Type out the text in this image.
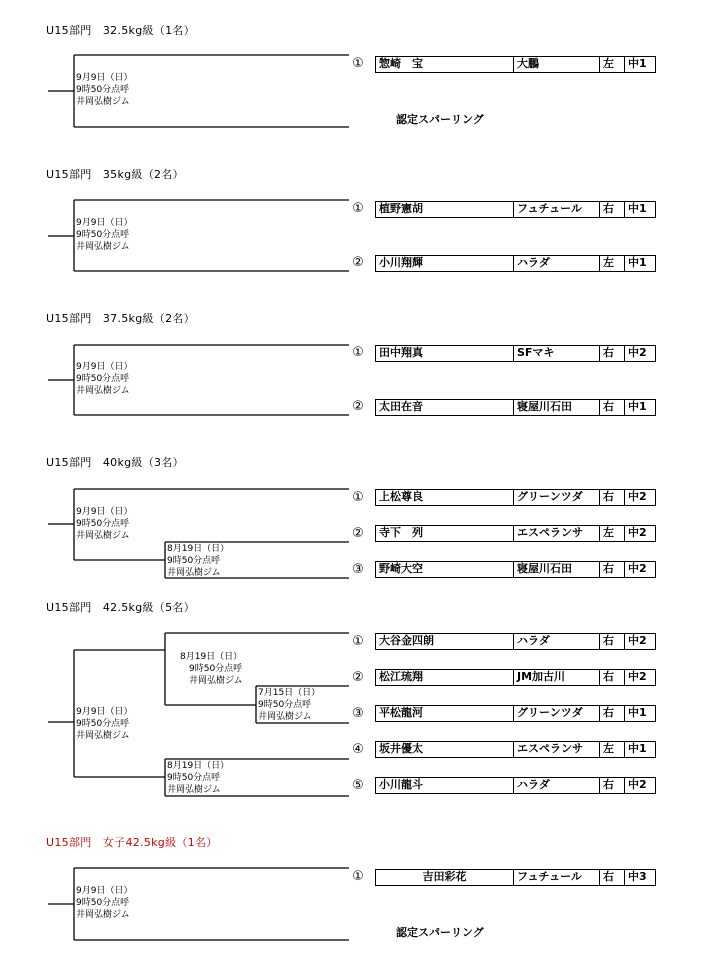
U15部門　32.5kg級（1名）
9月9日（日）
9時50分点呼
井岡弘樹ジム
① 惣崎　宝	大鵬	左	中1
認定スパーリング
U15部門　35kg級（2名）
9月9日（日）
9時50分点呼
井岡弘樹ジム
① 植野憲胡	フュチュール	右	中1
② 小川翔輝	ハラダ	左	中1
U15部門　37.5kg級（2名）
9月9日（日）
9時50分点呼
井岡弘樹ジム
① 田中翔真	SFマキ	右	中2
② 太田在音	寝屋川石田	右	中1
U15部門　40kg級（3名）
9月9日（日）
9時50分点呼
井岡弘樹ジム
8月19日（日）
9時50分点呼
井岡弘樹ジム
① 上松尊良	グリーンツダ	右	中2
② 寺下　列	エスペランサ	左	中2
③ 野崎大空	寝屋川石田	右	中2
U15部門　42.5kg級（5名）
9月9日（日）
9時50分点呼
井岡弘樹ジム
8月19日（日）
　9時50分点呼
　井岡弘樹ジム
7月15日（日）
9時50分点呼
井岡弘樹ジム
8月19日（日）
9時50分点呼
井岡弘樹ジム
① 大谷金四朗	ハラダ	右	中2
② 松江琉翔	JM加古川	右	中2
③ 平松龍河	グリーンツダ	右	中1
④ 坂井優太	エスペランサ	左	中1
⑤ 小川龍斗	ハラダ	右	中2
U15部門　女子42.5kg級（1名）
9月9日（日）
9時50分点呼
井岡弘樹ジム
①	吉田彩花	フュチュール	右	中3
認定スパーリング
